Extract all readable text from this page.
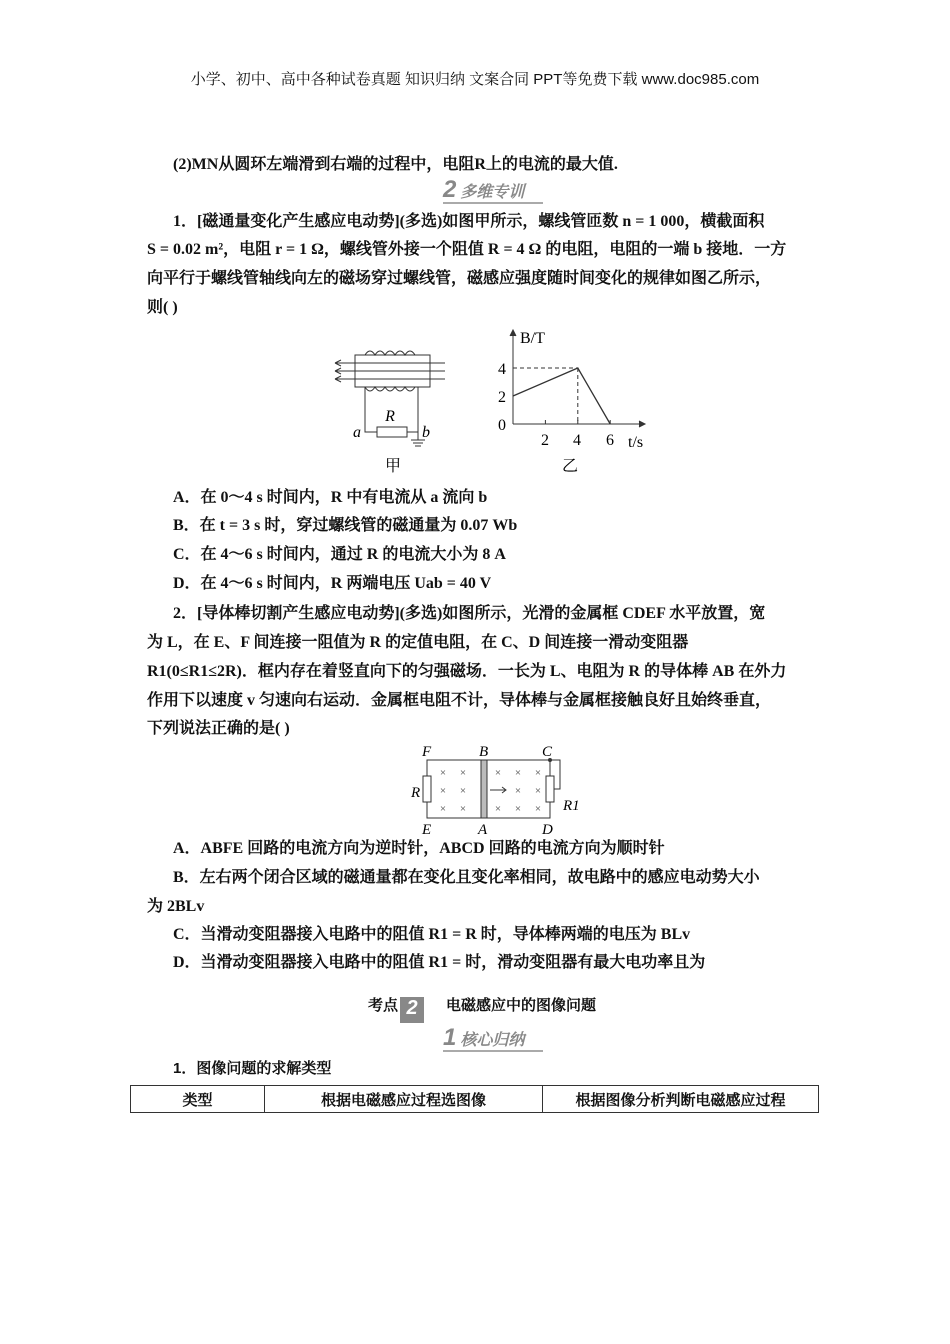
小学、初中、高中各种试卷真题 知识归纳 文案合同 PPT等免费下载 www.doc985.com
(2)MN从圆环左端滑到右端的过程中，电阻R上的电流的最大值.
2 多维专训
1．[磁通量变化产生感应电动势](多选)如图甲所示，螺线管匝数 n = 1 000，横截面积
S = 0.02 m²，电阻 r = 1 Ω，螺线管外接一个阻值 R = 4 Ω 的电阻，电阻的一端 b 接地．一方
向平行于螺线管轴线向左的磁场穿过螺线管，磁感应强度随时间变化的规律如图乙所示，
则( )
R
a	b
甲
B/T
t/s
0
2
4
2 4 6
乙
A．在 0～4 s 时间内，R 中有电流从 a 流向 b
B．在 t = 3 s 时，穿过螺线管的磁通量为 0.07 Wb
C．在 4～6 s 时间内，通过 R 的电流大小为 8 A
D．在 4～6 s 时间内，R 两端电压 Uab = 40 V
2．[导体棒切割产生感应电动势](多选)如图所示，光滑的金属框 CDEF 水平放置，宽
为 L，在 E、F 间连接一阻值为 R 的定值电阻，在 C、D 间连接一滑动变阻器
R1(0≤R1≤2R)．框内存在着竖直向下的匀强磁场．一长为 L、电阻为 R 的导体棒 AB 在外力
作用下以速度 v 匀速向右运动．金属框电阻不计，导体棒与金属框接触良好且始终垂直，
下列说法正确的是( )
× ×	× × ×
× ×	× ×
× ×	× × ×
F	B	C
R
R1
E	A	D
A．ABFE 回路的电流方向为逆时针，ABCD 回路的电流方向为顺时针
B．左右两个闭合区域的磁通量都在变化且变化率相同，故电路中的感应电动势大小
为 2BLv
C．当滑动变阻器接入电路中的阻值 R1 = R 时，导体棒两端的电压为 BLv
D．当滑动变阻器接入电路中的阻值 R1 = 时，滑动变阻器有最大电功率且为
考点 2 电磁感应中的图像问题
1 核心归纳
1．图像问题的求解类型
类型	根据电磁感应过程选图像	根据图像分析判断电磁感应过程
